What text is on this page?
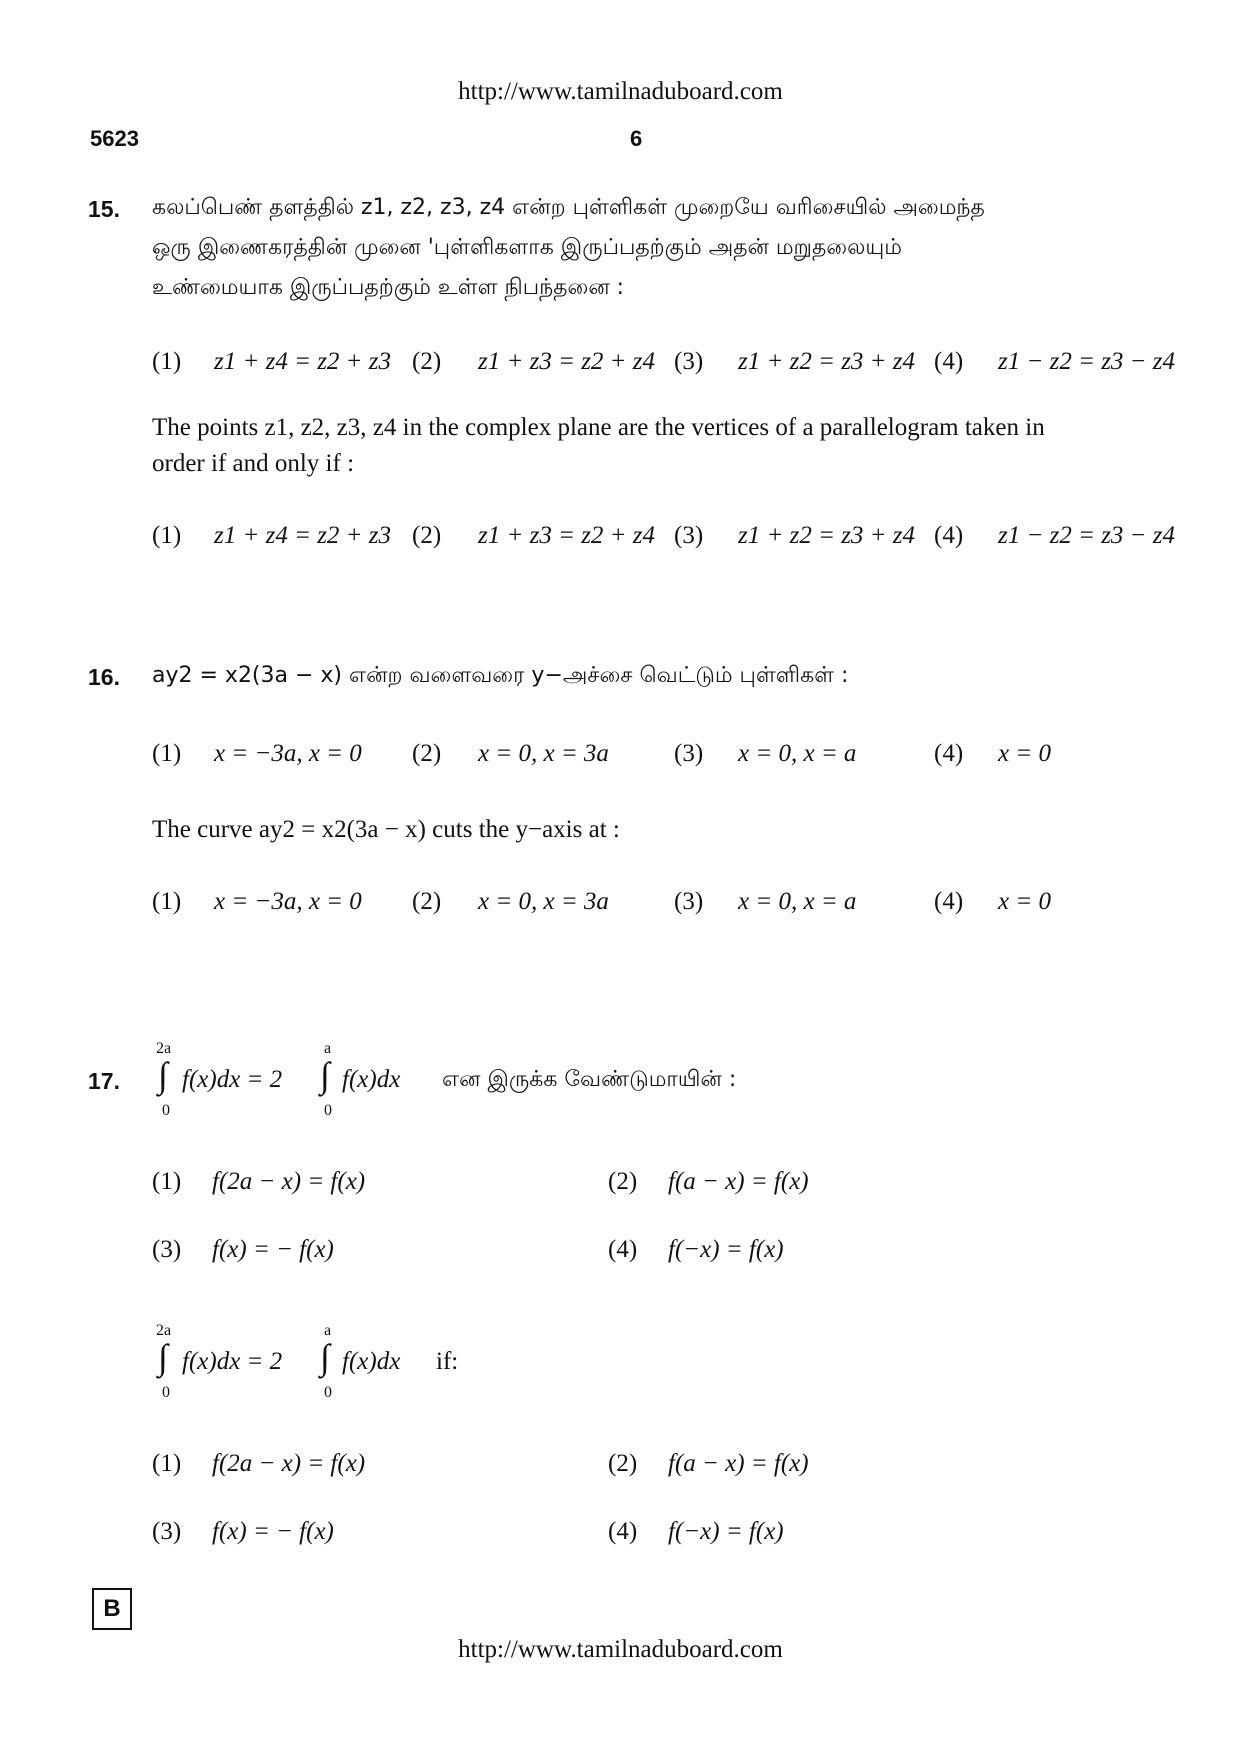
http://www.tamilnaduboard.com
5623	6
15. கலப்பெண் தளத்தில் z1, z2, z3, z4 என்ற புள்ளிகள் முறையே வரிசையில் அமைந்த
ஒரு இணைகரத்தின் முனை 'புள்ளிகளாக இருப்பதற்கும் அதன் மறுதலையும்
உண்மையாக இருப்பதற்கும் உள்ள நிபந்தனை :
(1) z1 + z4 = z2 + z3 (2) z1 + z3 = z2 + z4 (3) z1 + z2 = z3 + z4 (4) z1 − z2 = z3 − z4
The points z1, z2, z3, z4 in the complex plane are the vertices of a parallelogram taken in
order if and only if :
(1) z1 + z4 = z2 + z3 (2) z1 + z3 = z2 + z4 (3) z1 + z2 = z3 + z4 (4) z1 − z2 = z3 − z4
16. ay2 = x2(3a − x) என்ற வளைவரை y−அச்சை வெட்டும் புள்ளிகள் :
(1) x = −3a, x = 0 (2) x = 0, x = 3a	(3) x = 0, x = a	(4) x = 0
The curve ay2 = x2(3a − x) cuts the y−axis at :
(1) x = −3a, x = 0 (2) x = 0, x = 3a	(3) x = 0, x = a	(4) x = 0
17.
2a
∫
0
f(x)dx = 2
a
∫
0
f(x)dx என இருக்க வேண்டுமாயின் :
(1) f(2a − x) = f(x)	(2) f(a − x) = f(x)
(3) f(x) = − f(x)	(4) f(−x) = f(x)
2a
∫
0
f(x)dx = 2
a
∫
0
f(x)dx if:
(1) f(2a − x) = f(x)	(2) f(a − x) = f(x)
(3) f(x) = − f(x)	(4) f(−x) = f(x)
B
http://www.tamilnaduboard.com
